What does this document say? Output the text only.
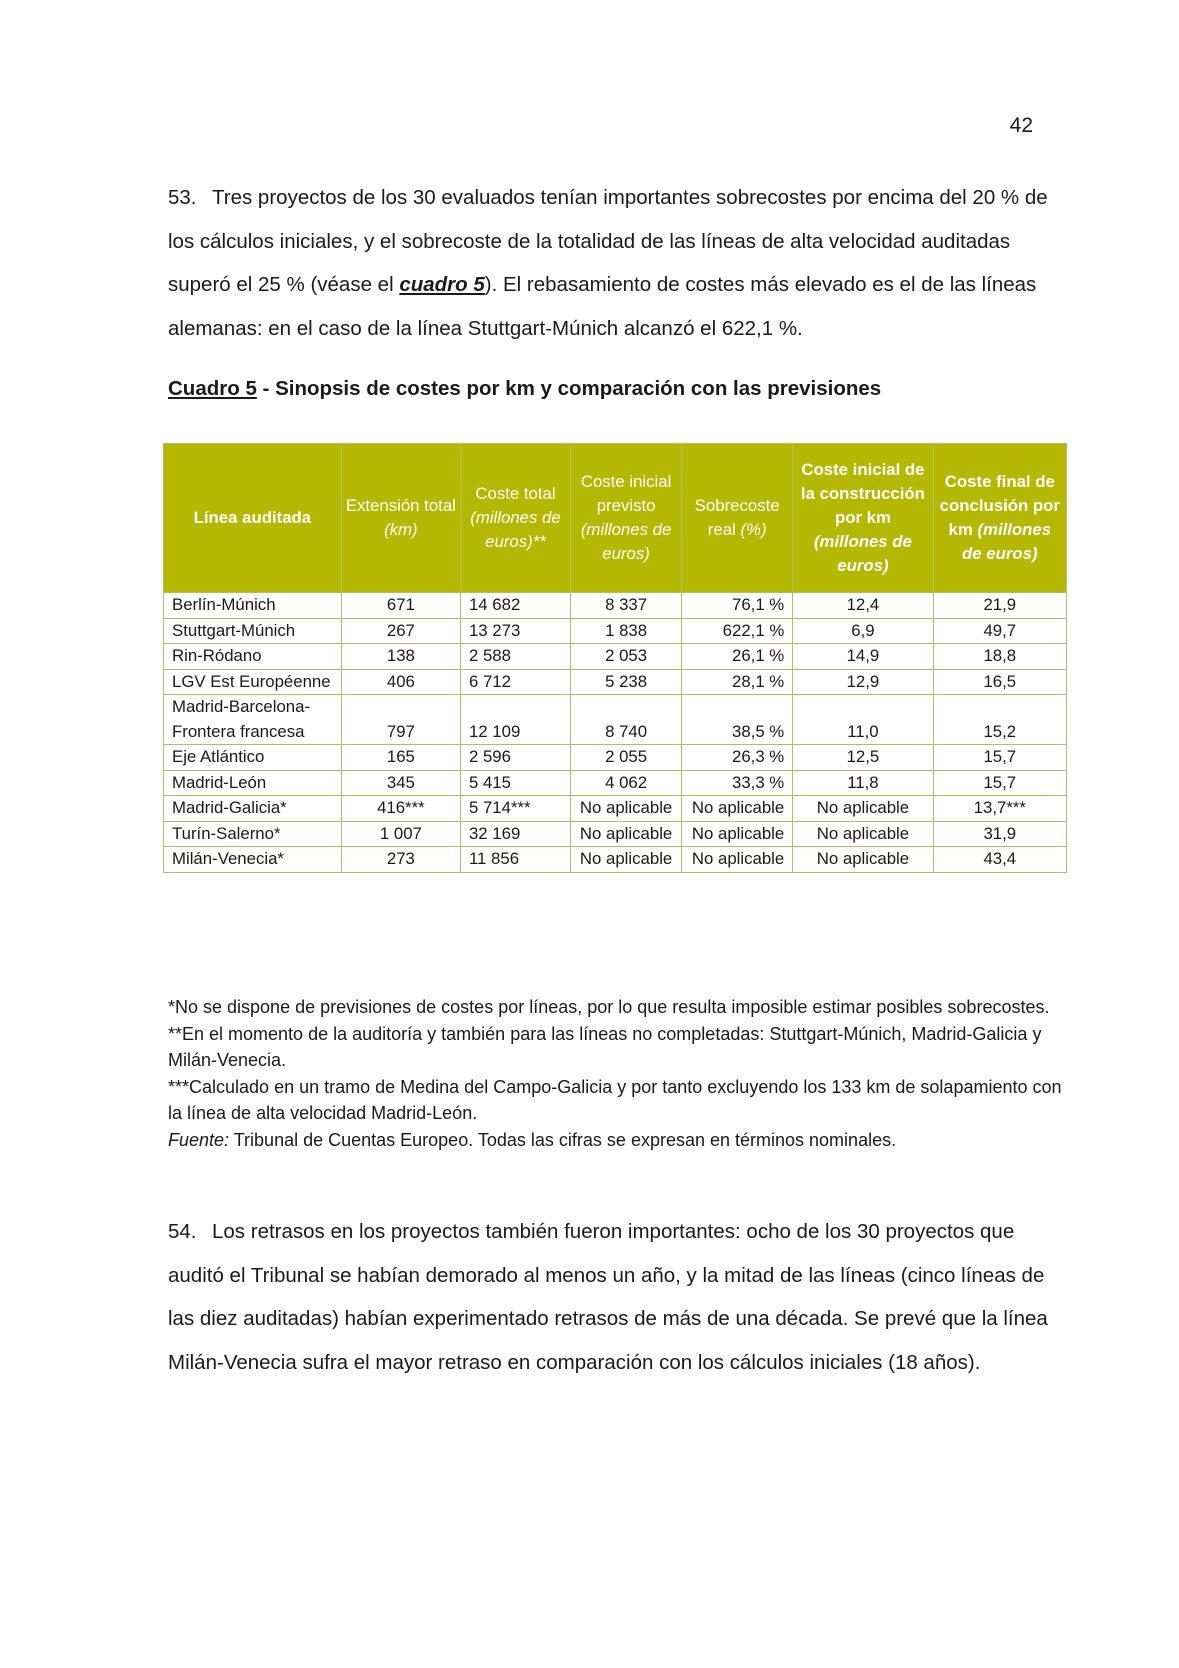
42

53. Tres proyectos de los 30 evaluados tenían importantes sobrecostes por encima del 20 % de los cálculos iniciales, y el sobrecoste de la totalidad de las líneas de alta velocidad auditadas superó el 25 % (véase el cuadro 5). El rebasamiento de costes más elevado es el de las líneas alemanas: en el caso de la línea Stuttgart-Múnich alcanzó el 622,1 %.

Cuadro 5 - Sinopsis de costes por km y comparación con las previsiones
Línea auditada	Extensión total (km)	Coste total (millones de euros)**	Coste inicial previsto (millones de euros)	Sobrecoste real (%)	Coste inicial de la construcción por km (millones de euros)	Coste final de conclusión por km (millones de euros)
Berlín-Múnich	671	14 682	8 337	76,1 %	12,4	21,9
Stuttgart-Múnich	267	13 273	1 838	622,1 %	6,9	49,7
Rin-Ródano	138	2 588	2 053	26,1 %	14,9	18,8
LGV Est Européenne	406	6 712	5 238	28,1 %	12,9	16,5
Madrid-Barcelona-Frontera francesa	797	12 109	8 740	38,5 %	11,0	15,2
Eje Atlántico	165	2 596	2 055	26,3 %	12,5	15,7
Madrid-León	345	5 415	4 062	33,3 %	11,8	15,7
Madrid-Galicia*	416***	5 714***	No aplicable	No aplicable	No aplicable	13,7***
Turín-Salerno*	1 007	32 169	No aplicable	No aplicable	No aplicable	31,9
Milán-Venecia*	273	11 856	No aplicable	No aplicable	No aplicable	43,4
*No se dispone de previsiones de costes por líneas, por lo que resulta imposible estimar posibles sobrecostes.
**En el momento de la auditoría y también para las líneas no completadas: Stuttgart-Múnich, Madrid-Galicia y Milán-Venecia.
***Calculado en un tramo de Medina del Campo-Galicia y por tanto excluyendo los 133 km de solapamiento con la línea de alta velocidad Madrid-León.
Fuente: Tribunal de Cuentas Europeo. Todas las cifras se expresan en términos nominales.

54. Los retrasos en los proyectos también fueron importantes: ocho de los 30 proyectos que auditó el Tribunal se habían demorado al menos un año, y la mitad de las líneas (cinco líneas de las diez auditadas) habían experimentado retrasos de más de una década. Se prevé que la línea Milán-Venecia sufra el mayor retraso en comparación con los cálculos iniciales (18 años).
